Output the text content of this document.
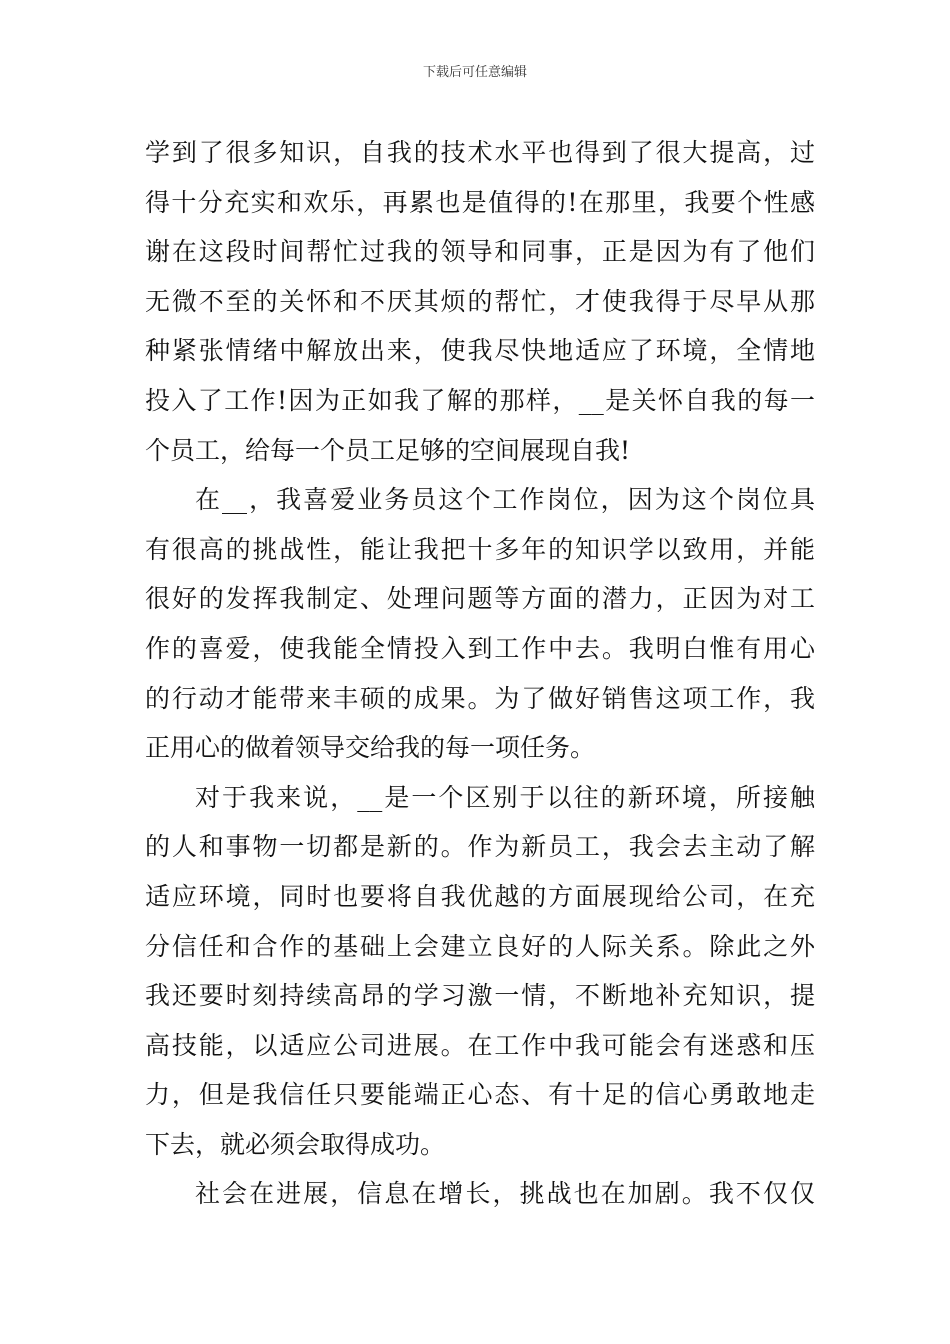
下载后可任意编辑
学到了很多知识，自我的技术水平也得到了很大提高，过
得十分充实和欢乐，再累也是值得的!在那里，我要个性感
谢在这段时间帮忙过我的领导和同事，正是因为有了他们
无微不至的关怀和不厌其烦的帮忙，才使我得于尽早从那
种紧张情绪中解放出来，使我尽快地适应了环境，全情地
投入了工作!因为正如我了解的那样，__是关怀自我的每一
个员工，给每一个员工足够的空间展现自我!
在__，我喜爱业务员这个工作岗位，因为这个岗位具
有很高的挑战性，能让我把十多年的知识学以致用，并能
很好的发挥我制定、处理问题等方面的潜力，正因为对工
作的喜爱，使我能全情投入到工作中去。我明白惟有用心
的行动才能带来丰硕的成果。为了做好销售这项工作，我
正用心的做着领导交给我的每一项任务。
对于我来说，__是一个区别于以往的新环境，所接触
的人和事物一切都是新的。作为新员工，我会去主动了解
适应环境，同时也要将自我优越的方面展现给公司，在充
分信任和合作的基础上会建立良好的人际关系。除此之外
我还要时刻持续高昂的学习激一情，不断地补充知识，提
高技能，以适应公司进展。在工作中我可能会有迷惑和压
力，但是我信任只要能端正心态、有十足的信心勇敢地走
下去，就必须会取得成功。
社会在进展，信息在增长，挑战也在加剧。我不仅仅
